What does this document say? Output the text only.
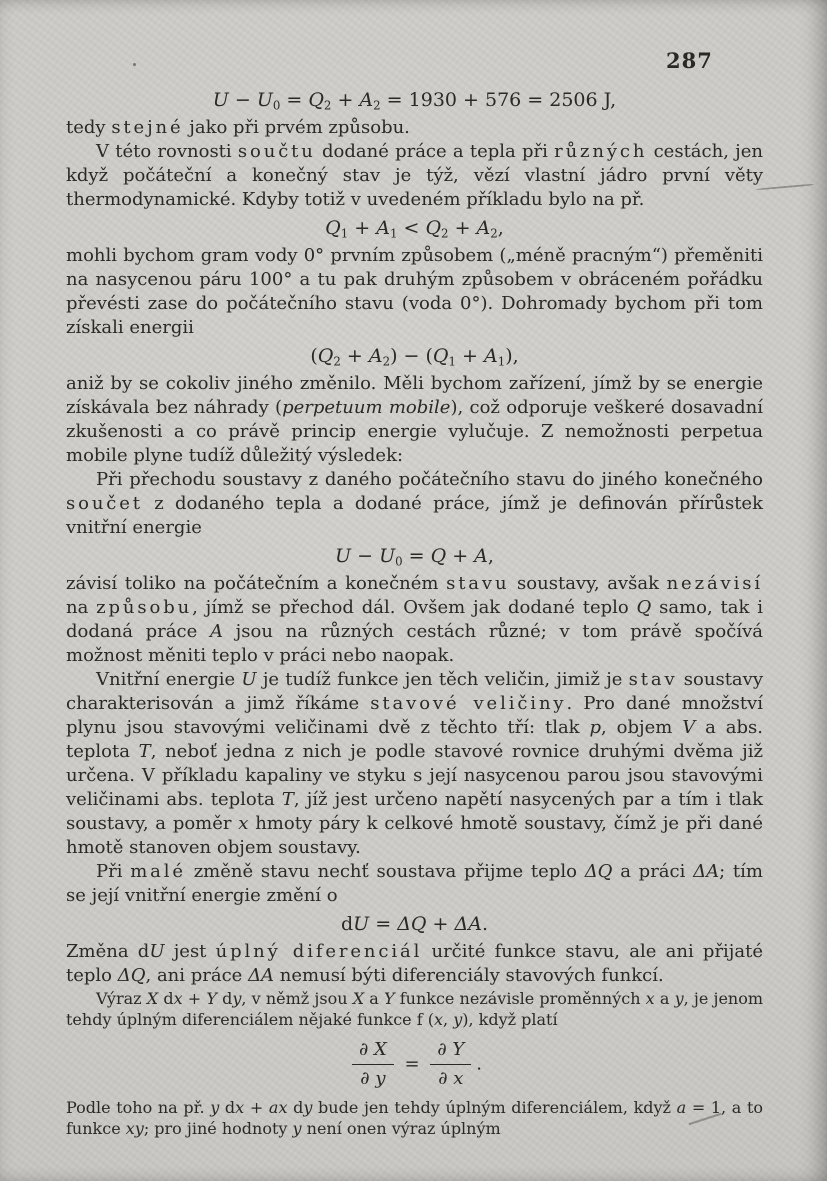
287
$U - U_0 = Q_2 + A_2 = 1930 + 576 = 2506$ J,
tedy stejné jako při prvém způsobu.
V této rovnosti součtu dodané práce a tepla při různých cestách, jen když počáteční a konečný stav je týž, vězí vlastní jádro první věty thermodynamické. Kdyby totiž v uvedeném příkladu bylo na př.
$Q_1 + A_1 < Q_2 + A_2$,
mohli bychom gram vody 0° prvním způsobem („méně pracným“) přeměniti na nasycenou páru 100° a tu pak druhým způsobem v obráceném pořádku převésti zase do počátečního stavu (voda 0°). Dohromady bychom při tom získali energii
$(Q_2 + A_2) - (Q_1 + A_1)$,
aniž by se cokoliv jiného změnilo. Měli bychom zařízení, jímž by se energie získávala bez náhrady (perpetuum mobile), což odporuje veškeré dosavadní zkušenosti a co právě princip energie vylučuje. Z nemožnosti perpetua mobile plyne tudíž důležitý výsledek:
Při přechodu soustavy z daného počátečního stavu do jiného konečného součet z dodaného tepla a dodané práce, jímž je definován přírůstek vnitřní energie
$U - U_0 = Q + A$,
závisí toliko na počátečním a konečném stavu soustavy, avšak nezávisí na způsobu, jímž se přechod dál. Ovšem jak dodané teplo Q samo, tak i dodaná práce A jsou na různých cestách různé; v tom právě spočívá možnost měniti teplo v práci nebo naopak.
Vnitřní energie U je tudíž funkce jen těch veličin, jimiž je stav soustavy charakterisován a jimž říkáme stavové veličiny. Pro dané množství plynu jsou stavovými veličinami dvě z těchto tří: tlak p, objem V a abs. teplota T, neboť jedna z nich je podle stavové rovnice druhými dvěma již určena. V příkladu kapaliny ve styku s její nasycenou parou jsou stavovými veličinami abs. teplota T, jíž jest určeno napětí nasycených par a tím i tlak soustavy, a poměr x hmoty páry k celkové hmotě soustavy, čímž je při dané hmotě stanoven objem soustavy.
Při malé změně stavu nechť soustava přijme teplo ΔQ a práci ΔA; tím se její vnitřní energie změní o
dU = ΔQ + ΔA.
Změna dU jest úplný diferenciál určité funkce stavu, ale ani přijaté teplo ΔQ, ani práce ΔA nemusí býti diferenciály stavových funkcí.
Výraz X dx + Y dy, v němž jsou X a Y funkce nezávisle proměnných x a y, je jenom tehdy úplným diferenciálem nějaké funkce f (x, y), když platí
$\frac{\partial X}{\partial y} = \frac{\partial Y}{\partial x}$ .
Podle toho na př. y dx + ax dy bude jen tehdy úplným diferenciálem, když a = 1, a to funkce xy; pro jiné hodnoty y není onen výraz úplným
